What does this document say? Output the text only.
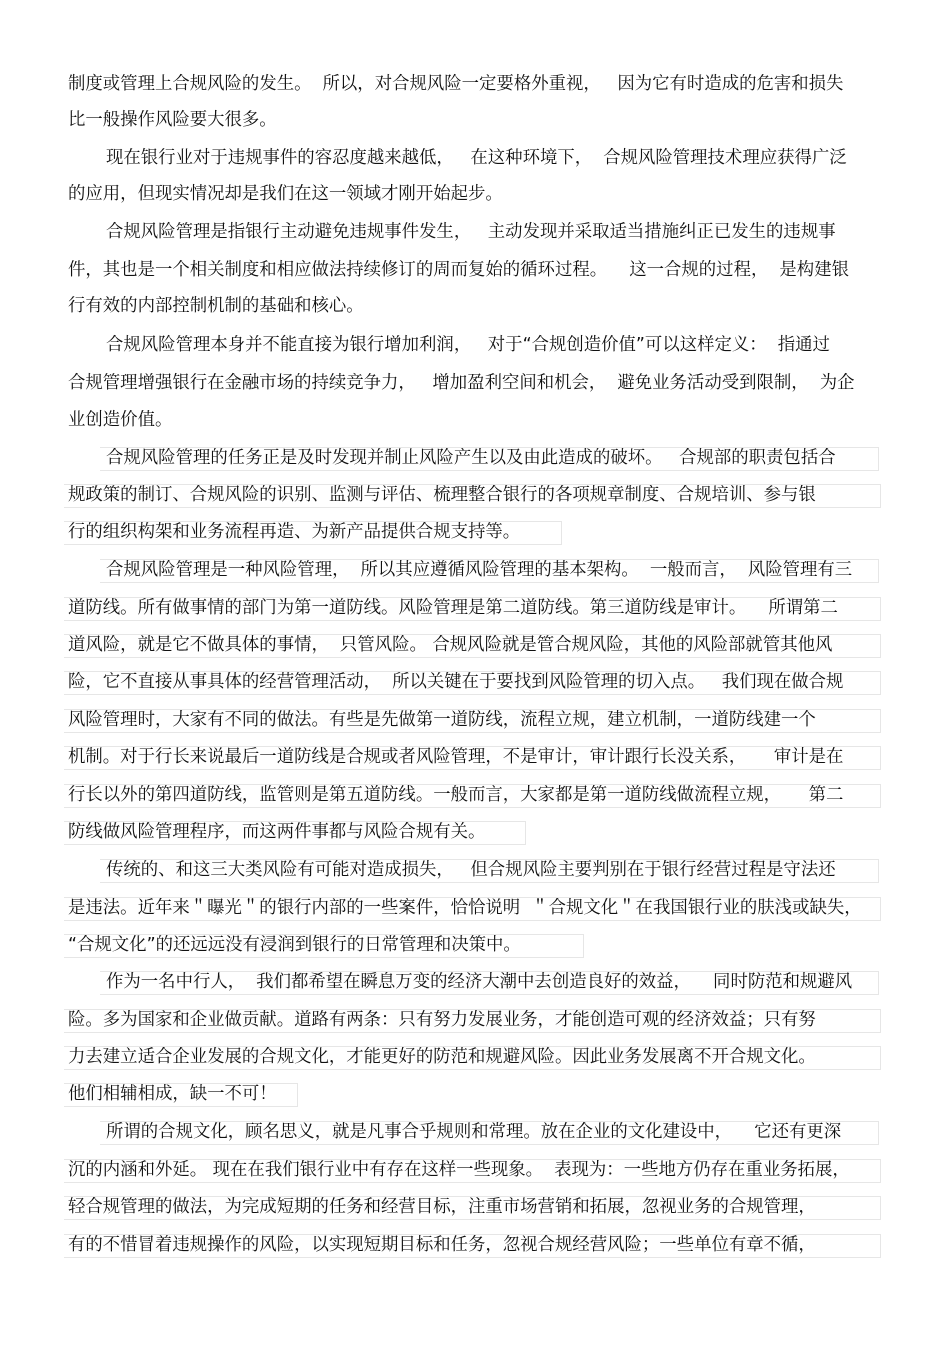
制度或管理上合规风险的发生。  所以，对合规风险一定要格外重视，   因为它有时造成的危害和损失
比一般操作风险要大很多。
现在银行业对于违规事件的容忍度越来越低，   在这种环境下，  合规风险管理技术理应获得广泛
的应用，但现实情况却是我们在这一领域才刚开始起步。
合规风险管理是指银行主动避免违规事件发生，   主动发现并采取适当措施纠正已发生的违规事
件，其也是一个相关制度和相应做法持续修订的周而复始的循环过程。    这一合规的过程，  是构建银
行有效的内部控制机制的基础和核心。
合规风险管理本身并不能直接为银行增加利润，   对于“合规创造价值”可以这样定义：  指通过
合规管理增强银行在金融市场的持续竞争力，   增加盈利空间和机会，  避免业务活动受到限制，  为企
业创造价值。
合规风险管理的任务正是及时发现并制止风险产生以及由此造成的破坏。   合规部的职责包括合
规政策的制订、合规风险的识别、监测与评估、梳理整合银行的各项规章制度、合规培训、参与银
行的组织构架和业务流程再造、为新产品提供合规支持等。
合规风险管理是一种风险管理，  所以其应遵循风险管理的基本架构。  一般而言，  风险管理有三
道防线。所有做事情的部门为第一道防线。风险管理是第二道防线。第三道防线是审计。    所谓第二
道风险，就是它不做具体的事情，  只管风险。 合规风险就是管合规风险，其他的风险部就管其他风
险，它不直接从事具体的经营管理活动，  所以关键在于要找到风险管理的切入点。   我们现在做合规
风险管理时，大家有不同的做法。有些是先做第一道防线，流程立规，建立机制，一道防线建一个
机制。对于行长来说最后一道防线是合规或者风险管理，不是审计，审计跟行长没关系，     审计是在
行长以外的第四道防线，监管则是第五道防线。一般而言，大家都是第一道防线做流程立规，     第二
防线做风险管理程序，而这两件事都与风险合规有关。
传统的、和这三大类风险有可能对造成损失，   但合规风险主要判别在于银行经营过程是守法还
是违法。近年来＂曝光＂的银行内部的一些案件，恰恰说明  ＂合规文化＂在我国银行业的肤浅或缺失，
“合规文化”的还远远没有浸润到银行的日常管理和决策中。
作为一名中行人，  我们都希望在瞬息万变的经济大潮中去创造良好的效益，    同时防范和规避风
险。多为国家和企业做贡献。道路有两条：只有努力发展业务，才能创造可观的经济效益；只有努
力去建立适合企业发展的合规文化，才能更好的防范和规避风险。因此业务发展离不开合规文化。
他们相辅相成，缺一不可！
所谓的合规文化，顾名思义，就是凡事合乎规则和常理。放在企业的文化建设中，    它还有更深
沉的内涵和外延。 现在在我们银行业中有存在这样一些现象。  表现为：一些地方仍存在重业务拓展，
轻合规管理的做法，为完成短期的任务和经营目标，注重市场营销和拓展，忽视业务的合规管理，
有的不惜冒着违规操作的风险，以实现短期目标和任务，忽视合规经营风险；一些单位有章不循，
